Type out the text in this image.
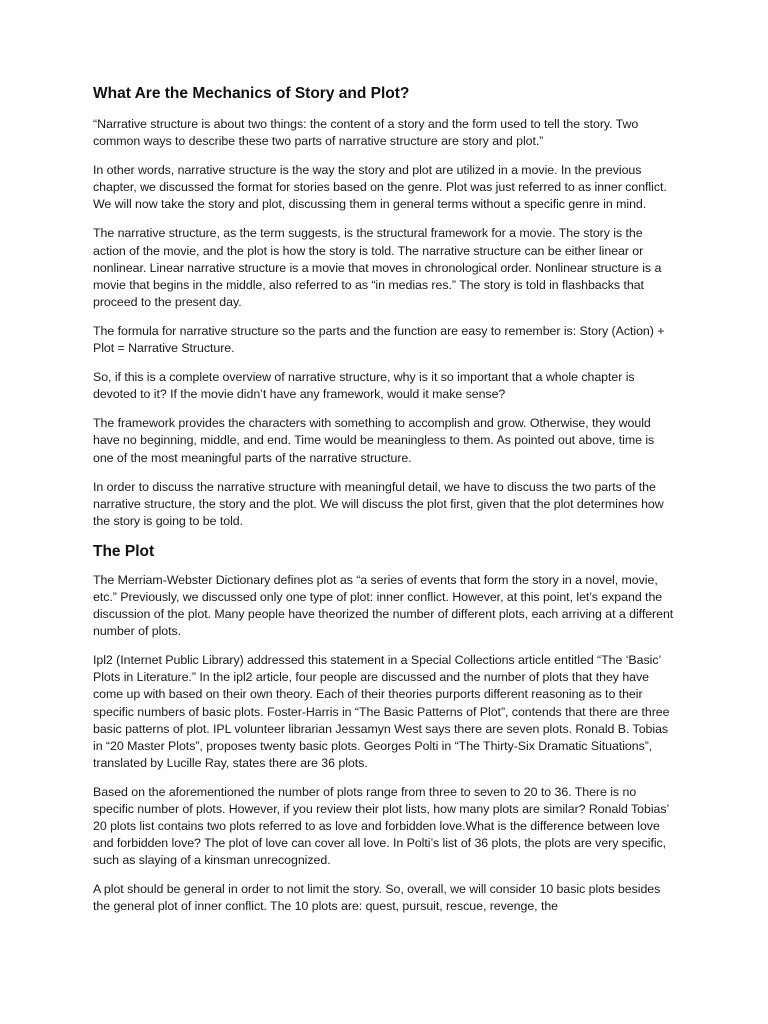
What Are the Mechanics of Story and Plot?

“Narrative structure is about two things: the content of a story and the form used to tell the story. Two common ways to describe these two parts of narrative structure are story and plot.”

In other words, narrative structure is the way the story and plot are utilized in a movie. In the previous chapter, we discussed the format for stories based on the genre. Plot was just referred to as inner conflict. We will now take the story and plot, discussing them in general terms without a specific genre in mind.

The narrative structure, as the term suggests, is the structural framework for a movie. The story is the action of the movie, and the plot is how the story is told. The narrative structure can be either linear or nonlinear. Linear narrative structure is a movie that moves in chronological order. Nonlinear structure is a movie that begins in the middle, also referred to as “in medias res.” The story is told in flashbacks that proceed to the present day.

The formula for narrative structure so the parts and the function are easy to remember is: Story (Action) + Plot = Narrative Structure.

So, if this is a complete overview of narrative structure, why is it so important that a whole chapter is devoted to it? If the movie didn’t have any framework, would it make sense?

The framework provides the characters with something to accomplish and grow. Otherwise, they would have no beginning, middle, and end. Time would be meaningless to them. As pointed out above, time is one of the most meaningful parts of the narrative structure.

In order to discuss the narrative structure with meaningful detail, we have to discuss the two parts of the narrative structure, the story and the plot. We will discuss the plot first, given that the plot determines how the story is going to be told.

The Plot

The Merriam-Webster Dictionary defines plot as “a series of events that form the story in a novel, movie, etc.” Previously, we discussed only one type of plot: inner conflict. However, at this point, let’s expand the discussion of the plot. Many people have theorized the number of different plots, each arriving at a different number of plots.

Ipl2 (Internet Public Library) addressed this statement in a Special Collections article entitled “The ‘Basic’ Plots in Literature.” In the ipl2 article, four people are discussed and the number of plots that they have come up with based on their own theory. Each of their theories purports different reasoning as to their specific numbers of basic plots. Foster-Harris in “The Basic Patterns of Plot”, contends that there are three basic patterns of plot. IPL volunteer librarian Jessamyn West says there are seven plots. Ronald B. Tobias in “20 Master Plots”, proposes twenty basic plots. Georges Polti in “The Thirty-Six Dramatic Situations”, translated by Lucille Ray, states there are 36 plots.

Based on the aforementioned the number of plots range from three to seven to 20 to 36. There is no specific number of plots. However, if you review their plot lists, how many plots are similar? Ronald Tobias’ 20 plots list contains two plots referred to as love and forbidden love.What is the difference between love and forbidden love? The plot of love can cover all love. In Polti’s list of 36 plots, the plots are very specific, such as slaying of a kinsman unrecognized.

A plot should be general in order to not limit the story. So, overall, we will consider 10 basic plots besides the general plot of inner conflict. The 10 plots are: quest, pursuit, rescue, revenge, the
